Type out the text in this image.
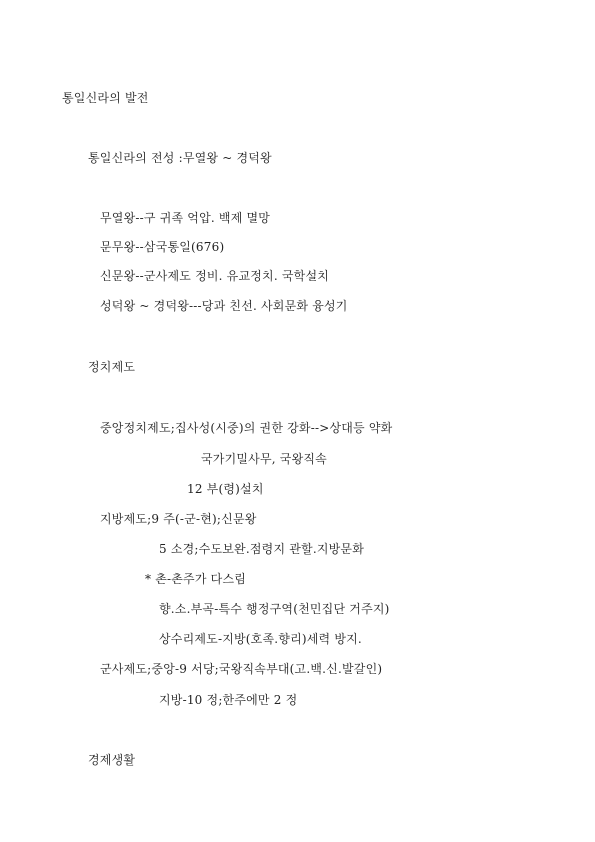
통일신라의 발전
통일신라의 전성 :무열왕 ~ 경덕왕
무열왕--구 귀족 억압. 백제 멸망
문무왕--삼국통일(676)
신문왕--군사제도 정비. 유교정치. 국학설치
성덕왕 ~ 경덕왕---당과 친선. 사회문화 융성기
정치제도
중앙정치제도;집사성(시중)의 권한 강화-->상대등 약화
국가기밀사무, 국왕직속
12 부(령)설치
지방제도;9 주(-군-현);신문왕
5 소경;수도보완.점령지 관할.지방문화
* 촌-촌주가 다스림
향.소.부곡-특수 행정구역(천민집단 거주지)
상수리제도-지방(호족.향리)세력 방지.
군사제도;중앙-9 서당;국왕직속부대(고.백.신.발갈인)
지방-10 정;한주에만 2 정
경제생활
